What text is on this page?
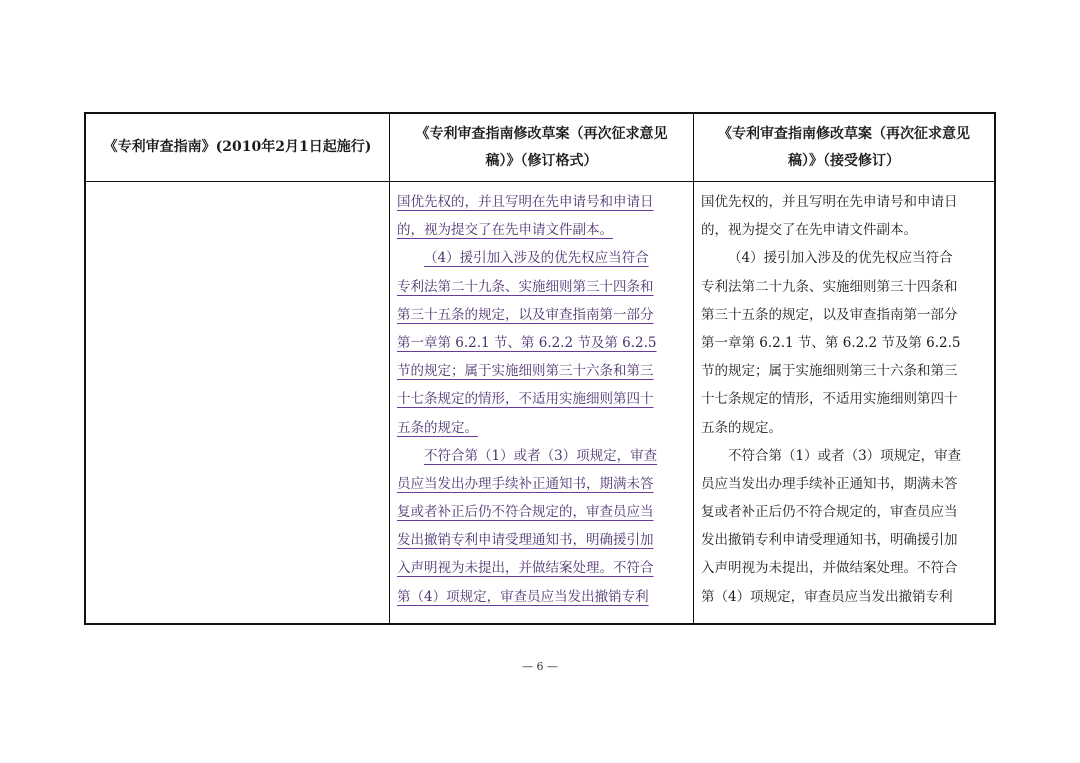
《专利审查指南》(2010年2月1日起施行)
《专利审查指南修改草案（再次征求意见
稿）》（修订格式）
《专利审查指南修改草案（再次征求意见
稿）》（接受修订）
国优先权的，并且写明在先申请号和申请日
的，视为提交了在先申请文件副本。
（4）援引加入涉及的优先权应当符合
专利法第二十九条、实施细则第三十四条和
第三十五条的规定，以及审查指南第一部分
第一章第 6.2.1 节、第 6.2.2 节及第 6.2.5
节的规定；属于实施细则第三十六条和第三
十七条规定的情形，不适用实施细则第四十
五条的规定。
不符合第（1）或者（3）项规定，审查
员应当发出办理手续补正通知书，期满未答
复或者补正后仍不符合规定的，审查员应当
发出撤销专利申请受理通知书，明确援引加
入声明视为未提出，并做结案处理。不符合
第（4）项规定，审查员应当发出撤销专利
国优先权的，并且写明在先申请号和申请日
的，视为提交了在先申请文件副本。
（4）援引加入涉及的优先权应当符合
专利法第二十九条、实施细则第三十四条和
第三十五条的规定，以及审查指南第一部分
第一章第 6.2.1 节、第 6.2.2 节及第 6.2.5
节的规定；属于实施细则第三十六条和第三
十七条规定的情形，不适用实施细则第四十
五条的规定。
不符合第（1）或者（3）项规定，审查
员应当发出办理手续补正通知书，期满未答
复或者补正后仍不符合规定的，审查员应当
发出撤销专利申请受理通知书，明确援引加
入声明视为未提出，并做结案处理。不符合
第（4）项规定，审查员应当发出撤销专利
— 6 —
